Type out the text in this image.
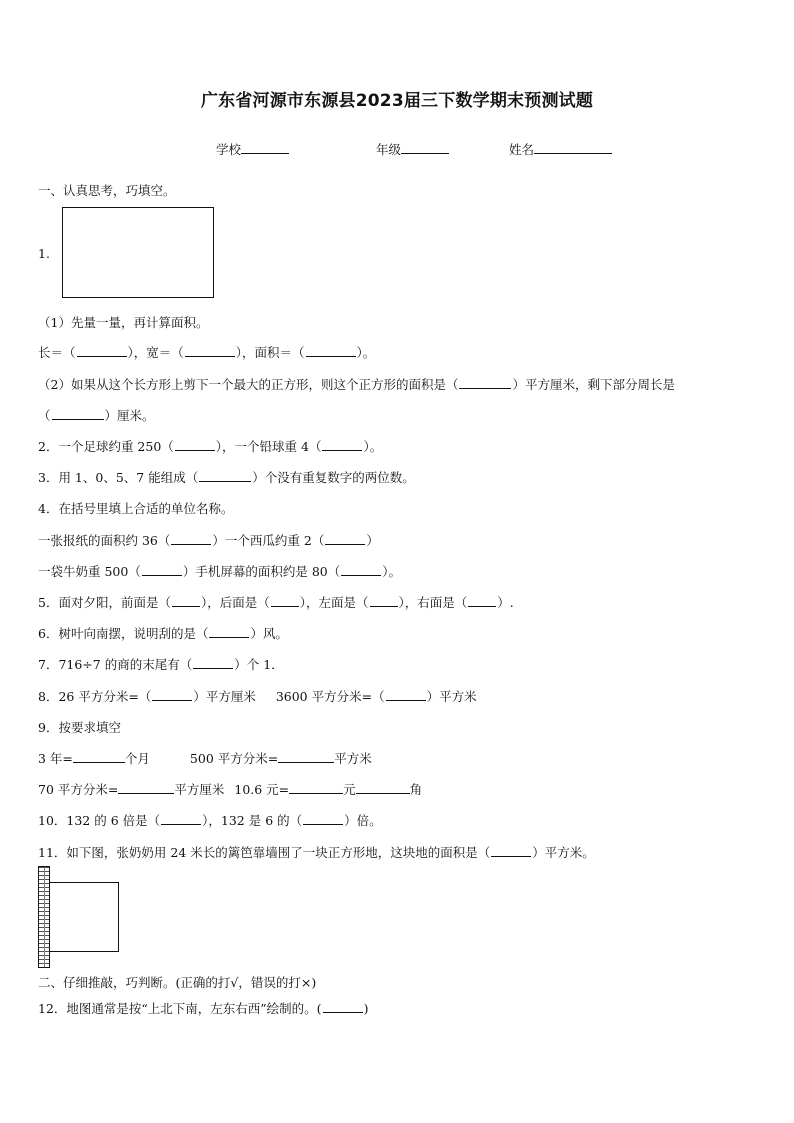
广东省河源市东源县2023届三下数学期末预测试题
学校	年级	姓名
一、认真思考，巧填空。
1.
（1）先量一量，再计算面积。
长＝（	），宽＝（	），面积＝（	）。
（2）如果从这个长方形上剪下一个最大的正方形，则这个正方形的面积是（	）平方厘米，剩下部分周长是
（	）厘米。
2．一个足球约重 250（	），一个铅球重 4（	）。
3．用 1、0、5、7 能组成（	）个没有重复数字的两位数。
4．在括号里填上合适的单位名称。
一张报纸的面积约 36（	）一个西瓜约重 2（	）
一袋牛奶重 500（	）手机屏幕的面积约是 80（	）。
5．面对夕阳，前面是（ ），后面是（ ），左面是（ ），右面是（ ）.
6．树叶向南摆，说明刮的是（	）风。
7．716÷7 的商的末尾有（	）个 1．
8．26 平方分米=（	）平方厘米 3600 平方分米=（	）平方米
9．按要求填空
3 年=	个月	500 平方分米=	平方米
70 平方分米=	平方厘米 10.6 元=	元	角
10．132 的 6 倍是（	），132 是 6 的（	）倍。
11．如下图，张奶奶用 24 米长的篱笆靠墙围了一块正方形地，这块地的面积是（	）平方米。
二、仔细推敲，巧判断。(正确的打√，错误的打×)
12．地图通常是按“上北下南，左东右西”绘制的。(	)
